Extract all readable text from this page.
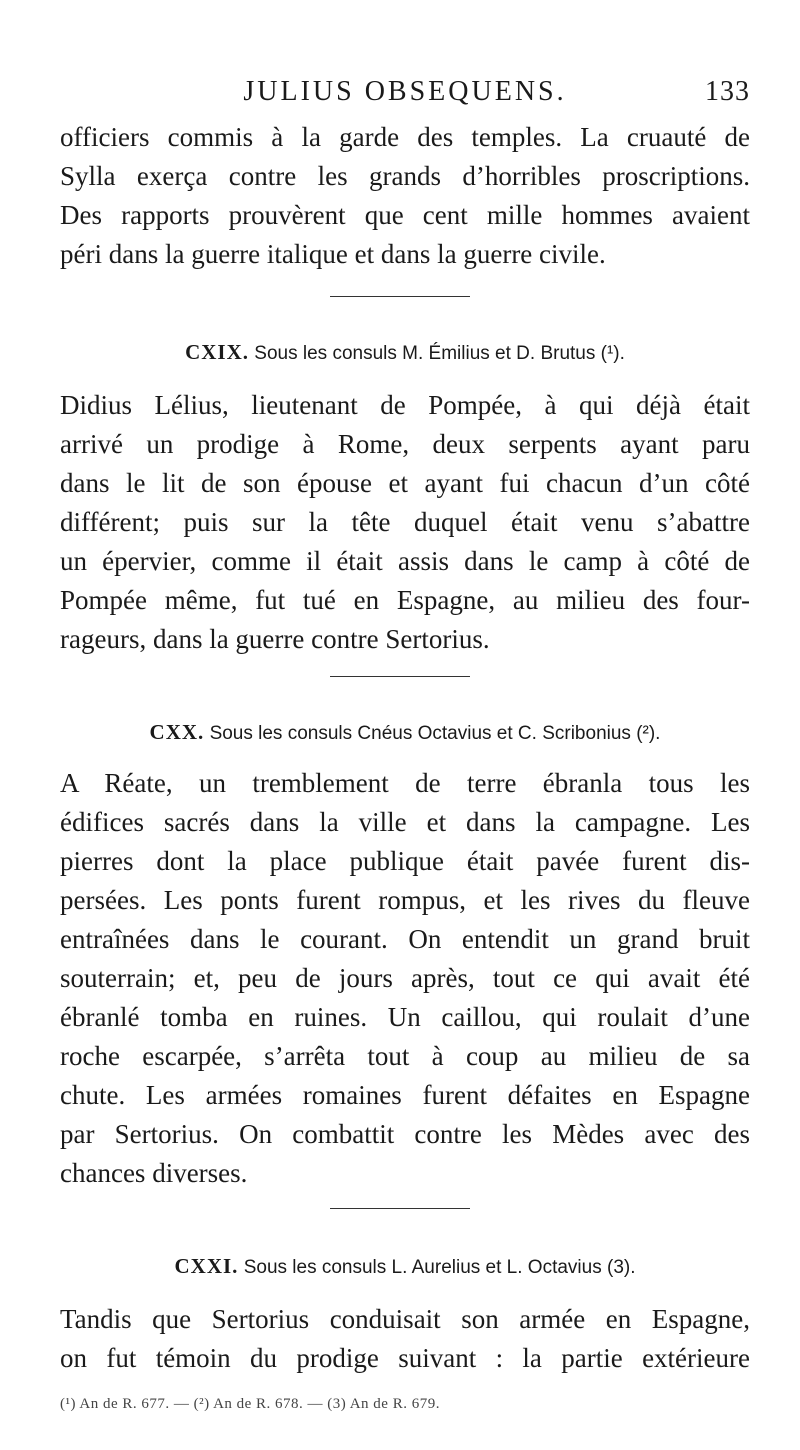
JULIUS OBSEQUENS.	133
officiers commis à la garde des temples. La cruauté de
Sylla exerça contre les grands d’horribles proscriptions.
Des rapports prouvèrent que cent mille hommes avaient
péri dans la guerre italique et dans la guerre civile.
CXIX. Sous les consuls M. Émilius et D. Brutus (¹).
Didius Lélius, lieutenant de Pompée, à qui déjà était
arrivé un prodige à Rome, deux serpents ayant paru
dans le lit de son épouse et ayant fui chacun d’un côté
différent; puis sur la tête duquel était venu s’abattre
un épervier, comme il était assis dans le camp à côté de
Pompée même, fut tué en Espagne, au milieu des four-
rageurs, dans la guerre contre Sertorius.
CXX. Sous les consuls Cnéus Octavius et C. Scribonius (²).
A Réate, un tremblement de terre ébranla tous les
édifices sacrés dans la ville et dans la campagne. Les
pierres dont la place publique était pavée furent dis-
persées. Les ponts furent rompus, et les rives du fleuve
entraînées dans le courant. On entendit un grand bruit
souterrain; et, peu de jours après, tout ce qui avait été
ébranlé tomba en ruines. Un caillou, qui roulait d’une
roche escarpée, s’arrêta tout à coup au milieu de sa
chute. Les armées romaines furent défaites en Espagne
par Sertorius. On combattit contre les Mèdes avec des
chances diverses.
CXXI. Sous les consuls L. Aurelius et L. Octavius (3).
Tandis que Sertorius conduisait son armée en Espagne,
on fut témoin du prodige suivant : la partie extérieure
(¹) An de R. 677. — (²) An de R. 678. — (3) An de R. 679.
